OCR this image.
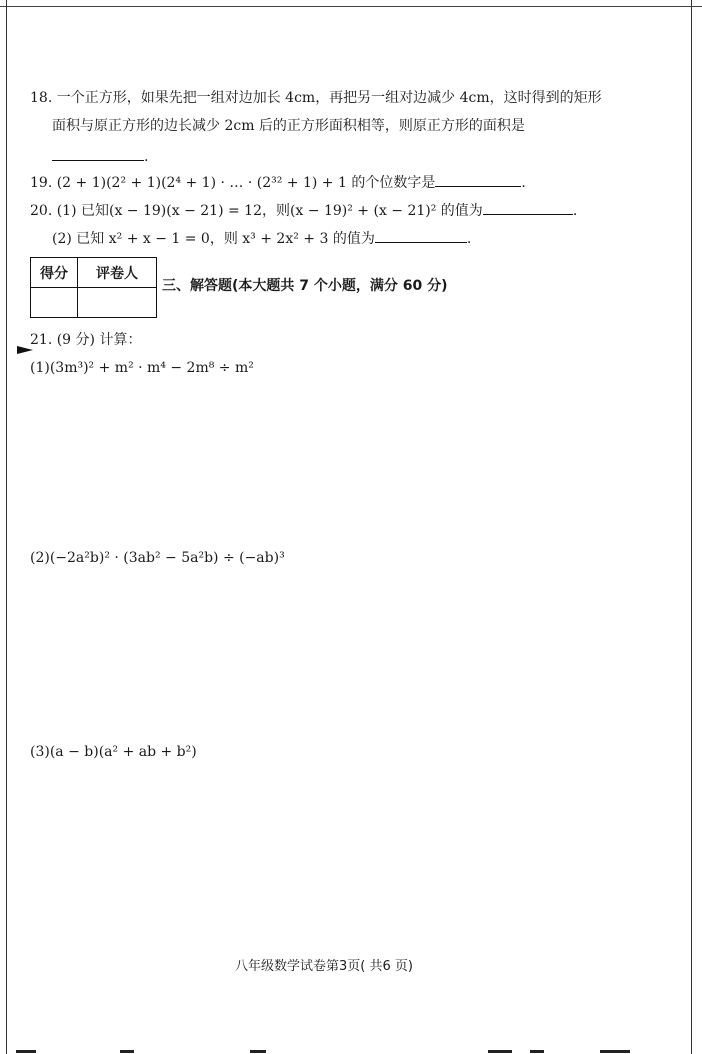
18. 一个正方形，如果先把一组对边加长 4cm，再把另一组对边减少 4cm，这时得到的矩形
面积与原正方形的边长减少 2cm 后的正方形面积相等，则原正方形的面积是
.
19. (2 + 1)(2² + 1)(2⁴ + 1) · … · (2³² + 1) + 1 的个位数字是	.
20. (1) 已知(x − 19)(x − 21) = 12，则(x − 19)² + (x − 21)² 的值为	.
(2) 已知 x² + x − 1 = 0，则 x³ + 2x² + 3 的值为	.
得分	评卷人

三、解答题(本大题共 7 个小题，满分 60 分)
21. (9 分) 计算：
(1)(3m³)² + m² · m⁴ − 2m⁸ ÷ m²
(2)(−2a²b)² · (3ab² − 5a²b) ÷ (−ab)³
(3)(a − b)(a² + ab + b²)
八年级数学试卷第3页( 共6 页)
